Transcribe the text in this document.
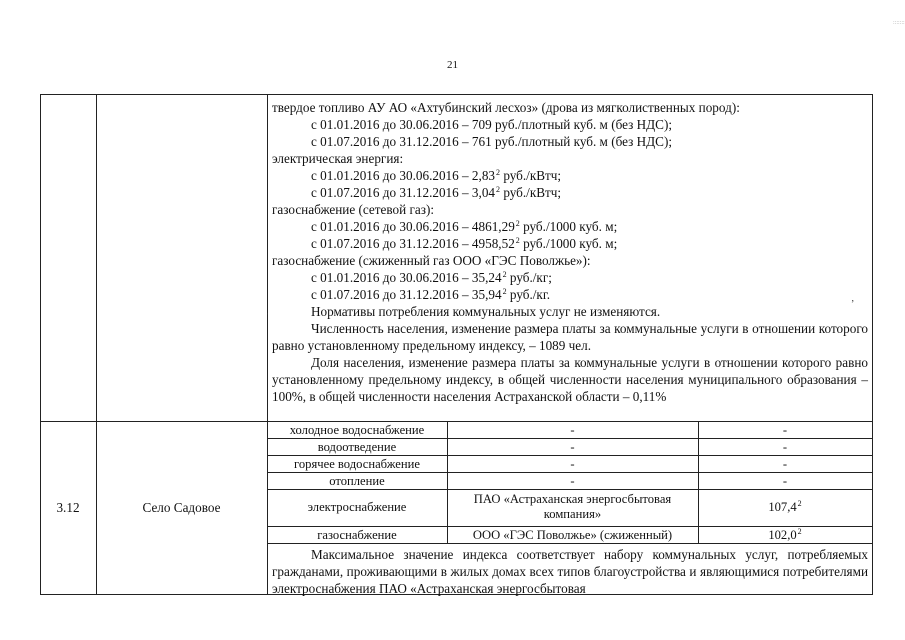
21
твердое топливо АУ АО «Ахтубинский лесхоз» (дрова из мягколиственных пород):
с 01.01.2016 до 30.06.2016 – 709 руб./плотный куб. м (без НДС);
с 01.07.2016 до 31.12.2016 – 761 руб./плотный куб. м (без НДС);
электрическая энергия:
с 01.01.2016 до 30.06.2016 – 2,83$^2$ руб./кВтч;
с 01.07.2016 до 31.12.2016 – 3,04$^2$ руб./кВтч;
газоснабжение (сетевой газ):
с 01.01.2016 до 30.06.2016 – 4861,29$^2$ руб./1000 куб. м;
с 01.07.2016 до 31.12.2016 – 4958,52$^2$ руб./1000 куб. м;
газоснабжение (сжиженный газ ООО «ГЭС Поволжье»):
с 01.01.2016 до 30.06.2016 – 35,24$^2$ руб./кг;
с 01.07.2016 до 31.12.2016 – 35,94$^2$ руб./кг.
Нормативы потребления коммунальных услуг не изменяются.
Численность населения, изменение размера платы за коммунальные услуги в отношении которого равно установленному предельному индексу, – 1089 чел.
Доля населения, изменение размера платы за коммунальные услуги в отношении которого равно установленному предельному индексу, в общей численности населения муниципального образования – 100%, в общей численности населения Астраханской области – 0,11%
3.12	Село Садовое
холодное водоснабжение
водоотведение
горячее водоснабжение
отопление
электроснабжение
газоснабжение
-
-
-
-
ПАО «Астраханская энергосбытовая компания»
ООО «ГЭС Поволжье» (сжиженный)
-
-
-
-
107,4$^2$
102,0$^2$
Максимальное значение индекса соответствует набору коммунальных услуг, потребляемых гражданами, проживающими в жилых домах всех типов благоустройства и являющимися потребителями электроснабжения ПАО «Астраханская энергосбытовая
ʼ
ˌ
:::::::
